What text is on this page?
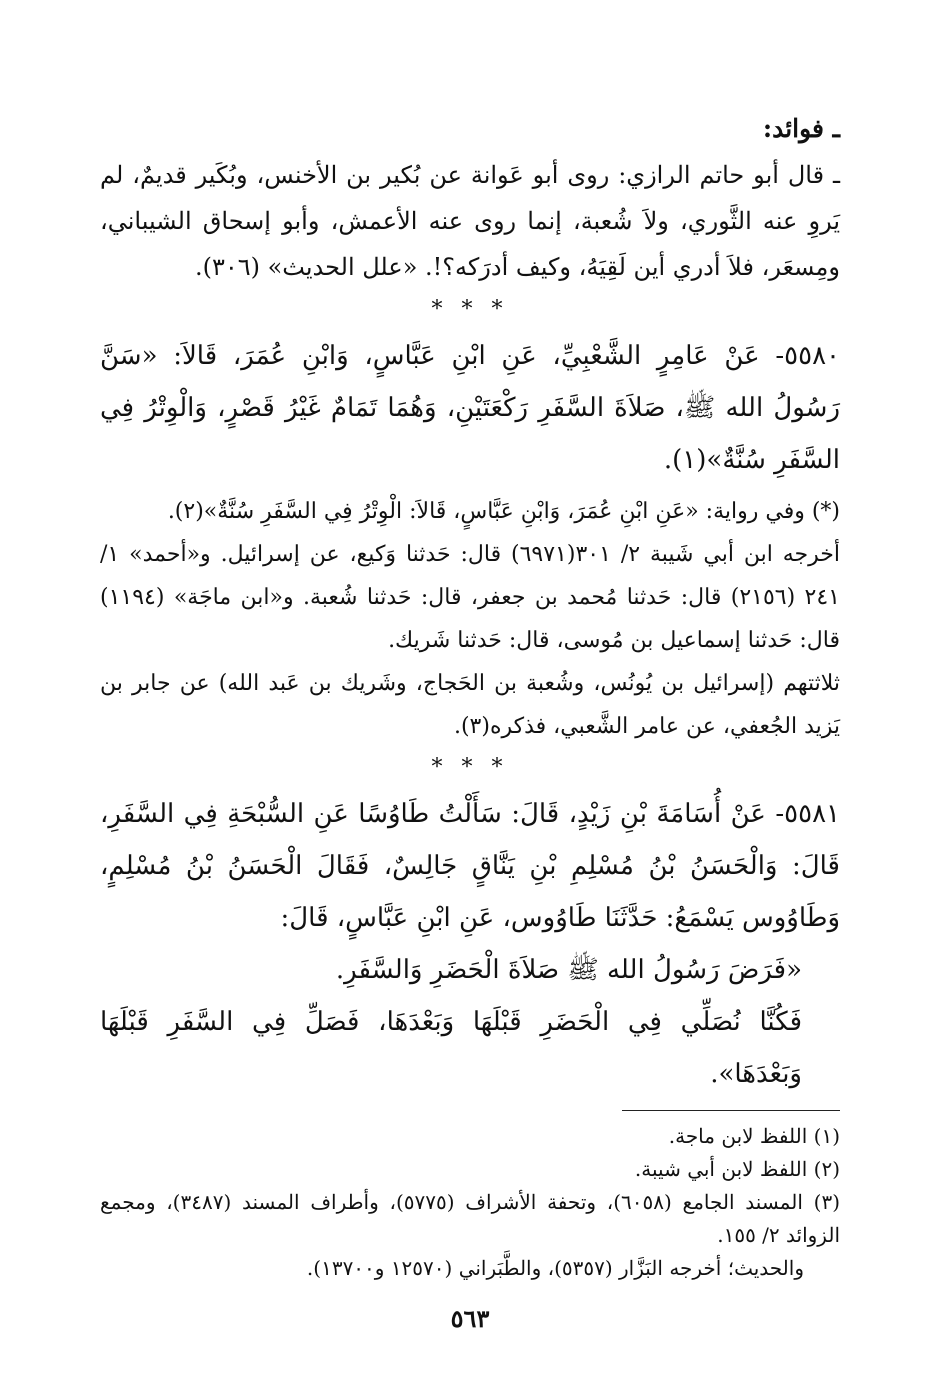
ـ فوائد:

ـ قال أبو حاتم الرازي: روى أبو عَوانة عن بُكير بن الأخنس، وبُكَير قديمٌ، لم يَروِ عنه الثَّوري، ولاَ شُعبة، إنما روى عنه الأعمش، وأبو إسحاق الشيباني، ومِسعَر، فلاَ أدري أين لَقِيَهُ، وكيف أدرَكه؟!. «علل الحديث» (٣٠٦).

* * *

٥٥٨٠- عَنْ عَامِرٍ الشَّعْبِيِّ، عَنِ ابْنِ عَبَّاسٍ، وَابْنِ عُمَرَ، قَالاَ: «سَنَّ رَسُولُ الله ﷺ، صَلاَةَ السَّفَرِ رَكْعَتَيْنِ، وَهُمَا تَمَامٌ غَيْرُ قَصْرٍ، وَالْوِتْرُ فِي السَّفَرِ سُنَّةٌ»(١).

(*) وفي رواية: «عَنِ ابْنِ عُمَرَ، وَابْنِ عَبَّاسٍ، قَالاَ: الْوِتْرُ فِي السَّفَرِ سُنَّةٌ»(٢).

أخرجه ابن أبي شَيبة ٢/ ٣٠١(٦٩٧١) قال: حَدثنا وَكيع، عن إسرائيل. و«أحمد» ١/ ٢٤١ (٢١٥٦) قال: حَدثنا مُحمد بن جعفر، قال: حَدثنا شُعبة. و«ابن ماجَة» (١١٩٤) قال: حَدثنا إسماعيل بن مُوسى، قال: حَدثنا شَريك.

ثلاثتهم (إسرائيل بن يُونُس، وشُعبة بن الحَجاج، وشَريك بن عَبد الله) عن جابر بن يَزيد الجُعفي، عن عامر الشَّعبي، فذكره(٣).

* * *

٥٥٨١- عَنْ أُسَامَةَ بْنِ زَيْدٍ، قَالَ: سَأَلْتُ طَاوُسًا عَنِ السُّبْحَةِ فِي السَّفَرِ، قَالَ: وَالْحَسَنُ بْنُ مُسْلِمِ بْنِ يَنَّاقٍ جَالِسٌ، فَقَالَ الْحَسَنُ بْنُ مُسْلِمٍ، وَطَاوُوس يَسْمَعُ: حَدَّثَنَا طَاوُوس، عَنِ ابْنِ عَبَّاسٍ، قَالَ:

«فَرَضَ رَسُولُ الله ﷺ صَلاَةَ الْحَضَرِ وَالسَّفَرِ.

فَكُنَّا نُصَلِّي فِي الْحَضَرِ قَبْلَهَا وَبَعْدَهَا، فَصَلِّ فِي السَّفَرِ قَبْلَهَا وَبَعْدَهَا».

(١) اللفظ لابن ماجة.

(٢) اللفظ لابن أبي شيبة.

(٣) المسند الجامع (٦٠٥٨)، وتحفة الأشراف (٥٧٧٥)، وأطراف المسند (٣٤٨٧)، ومجمع الزوائد ٢/ ١٥٥.

والحديث؛ أخرجه البَزَّار (٥٣٥٧)، والطَّبَراني (١٢٥٧٠ و١٣٧٠٠).

٥٦٣
